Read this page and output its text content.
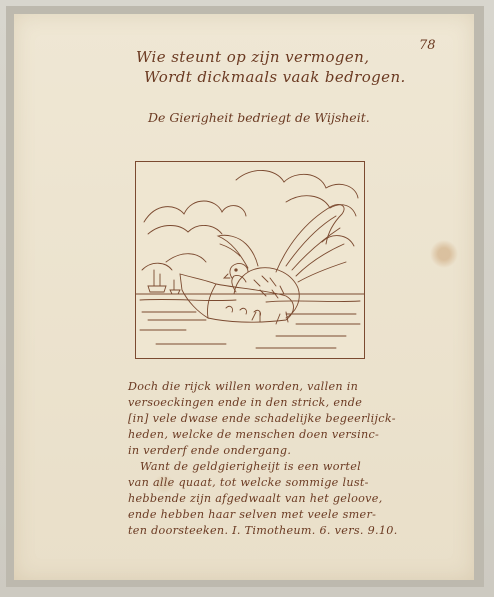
78
Wie steunt op zijn vermogen,
Wordt dickmaals vaak bedrogen.
De Gierigheit bedriegt de Wijsheit.
Doch die rijck willen worden, vallen in
versoeckingen ende in den strick, ende
[in] vele dwase ende schadelijke begeerlijck-
heden, welcke de menschen doen versinc-
in verderf ende ondergang.
Want de geldgierigheijt is een wortel
van alle quaat, tot welcke sommige lust-
hebbende zijn afgedwaalt van het geloove,
ende hebben haar selven met veele smer-
ten doorsteeken. I. Timotheum. 6. vers. 9.10.
